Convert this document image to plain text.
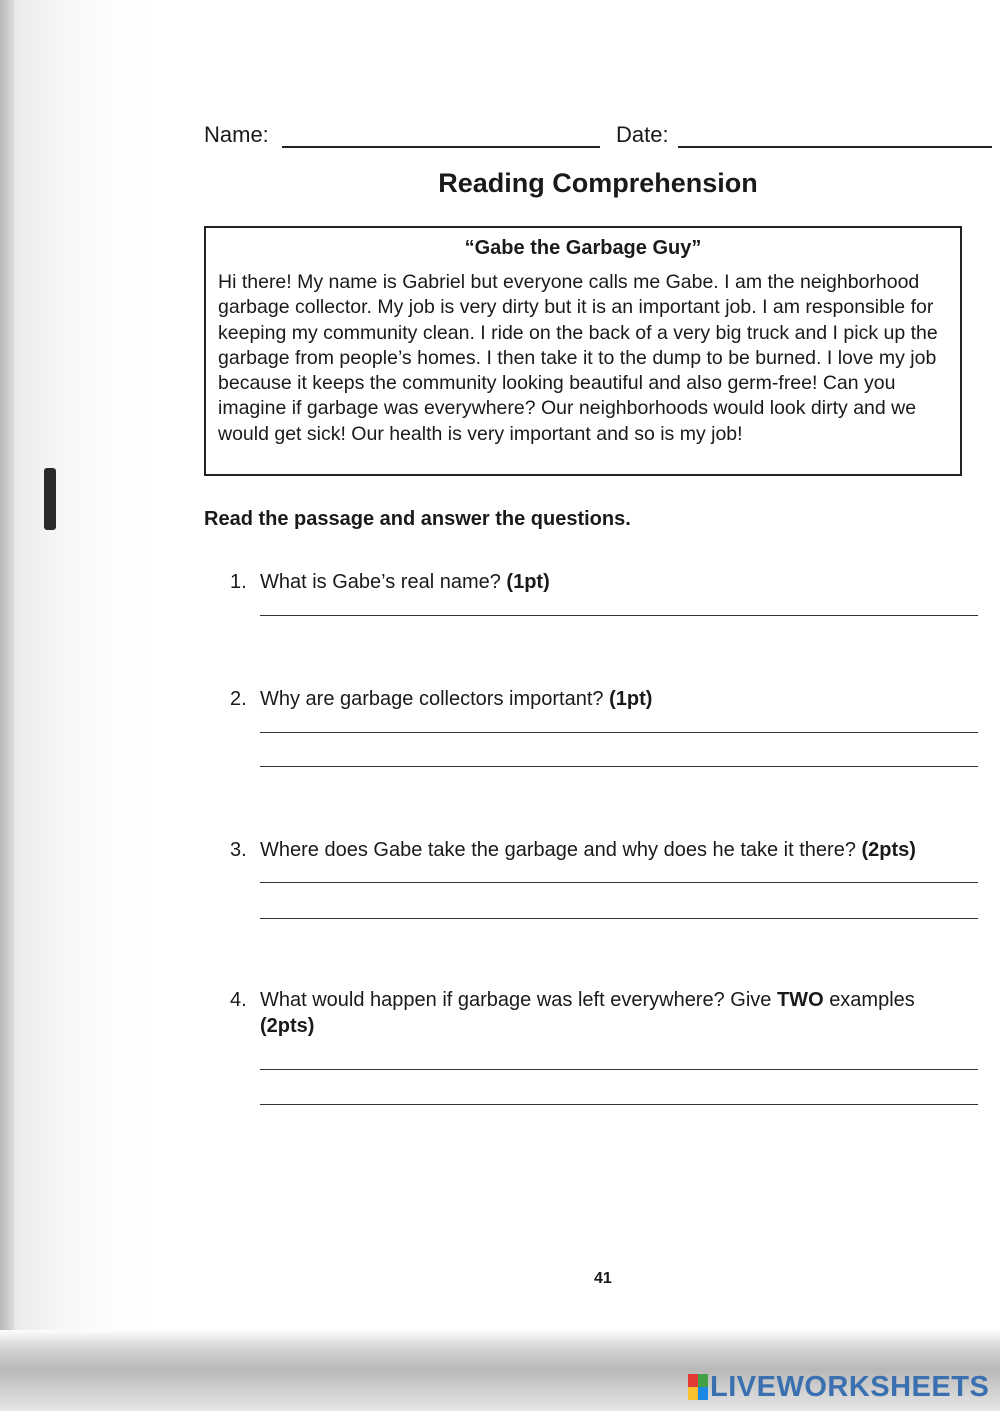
Name:	Date:
Reading Comprehension

“Gabe the Garbage Guy”

Hi there! My name is Gabriel but everyone calls me Gabe. I am the neighborhood garbage collector. My job is very dirty but it is an important job. I am responsible for keeping my community clean. I ride on the back of a very big truck and I pick up the garbage from people’s homes. I then take it to the dump to be burned. I love my job because it keeps the community looking beautiful and also germ-free! Can you imagine if garbage was everywhere? Our neighborhoods would look dirty and we would get sick! Our health is very important and so is my job!

Read the passage and answer the questions.
1. What is Gabe’s real name? (1pt)
2. Why are garbage collectors important? (1pt)
3. Where does Gabe take the garbage and why does he take it there? (2pts)
4. What would happen if garbage was left everywhere? Give TWO examples
(2pts)
41
LIVEWORKSHEETS
